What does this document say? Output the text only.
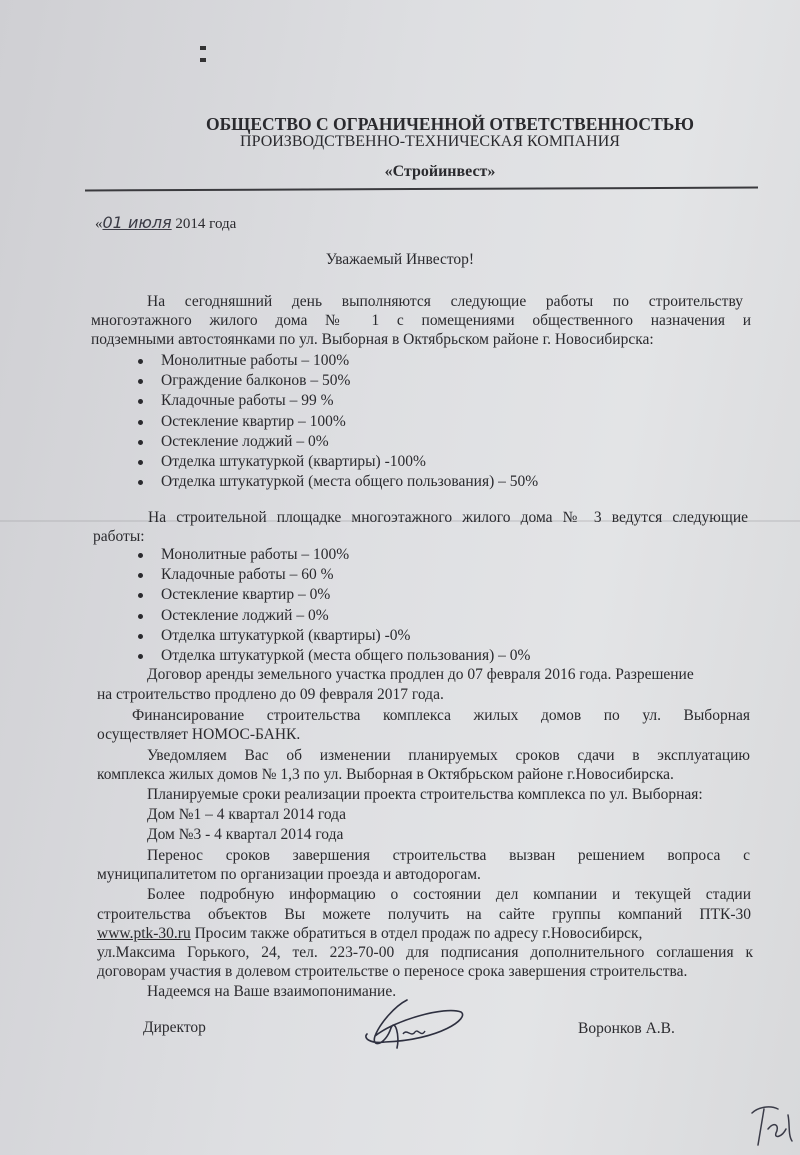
ОБЩЕСТВО С ОГРАНИЧЕННОЙ ОТВЕТСТВЕННОСТЬЮ
ПРОИЗВОДСТВЕННО-ТЕХНИЧЕСКАЯ КОМПАНИЯ
«Стройинвест»
«01 июля 2014 года
Уважаемый Инвестор!
На сегодняшний день выполняются следующие работы по строительству
многоэтажного жилого дома № 1 с помещениями общественного назначения и
подземными автостоянками по ул. Выборная в Октябрьском районе г. Новосибирска:
Монолитные работы – 100%
Ограждение балконов – 50%
Кладочные работы – 99 %
Остекление квартир – 100%
Остекление лоджий – 0%
Отделка штукатуркой (квартиры) -100%
Отделка штукатуркой (места общего пользования) – 50%
На строительной площадке многоэтажного жилого дома № 3 ведутся следующие
работы:
Монолитные работы – 100%
Кладочные работы – 60 %
Остекление квартир – 0%
Остекление лоджий – 0%
Отделка штукатуркой (квартиры) -0%
Отделка штукатуркой (места общего пользования) – 0%
Договор аренды земельного участка продлен до 07 февраля 2016 года. Разрешение
на строительство продлено до 09 февраля 2017 года.
Финансирование строительства комплекса жилых домов по ул. Выборная
осуществляет НОМОС-БАНК.
Уведомляем Вас об изменении планируемых сроков сдачи в эксплуатацию
комплекса жилых домов № 1,3 по ул. Выборная в Октябрьском районе г.Новосибирска.
Планируемые сроки реализации проекта строительства комплекса по ул. Выборная:
Дом №1 – 4 квартал 2014 года
Дом №3 - 4 квартал 2014 года
Перенос сроков завершения строительства вызван решением вопроса с
муниципалитетом по организации проезда и автодорогам.
Более подробную информацию о состоянии дел компании и текущей стадии
строительства объектов Вы можете получить на сайте группы компаний ПТК-30
www.ptk-30.ru Просим также обратиться в отдел продаж по адресу г.Новосибирск,
ул.Максима Горького, 24, тел. 223-70-00 для подписания дополнительного соглашения к
договорам участия в долевом строительстве о переносе срока завершения строительства.
Надеемся на Ваше взаимопонимание.
Директор	Воронков А.В.
